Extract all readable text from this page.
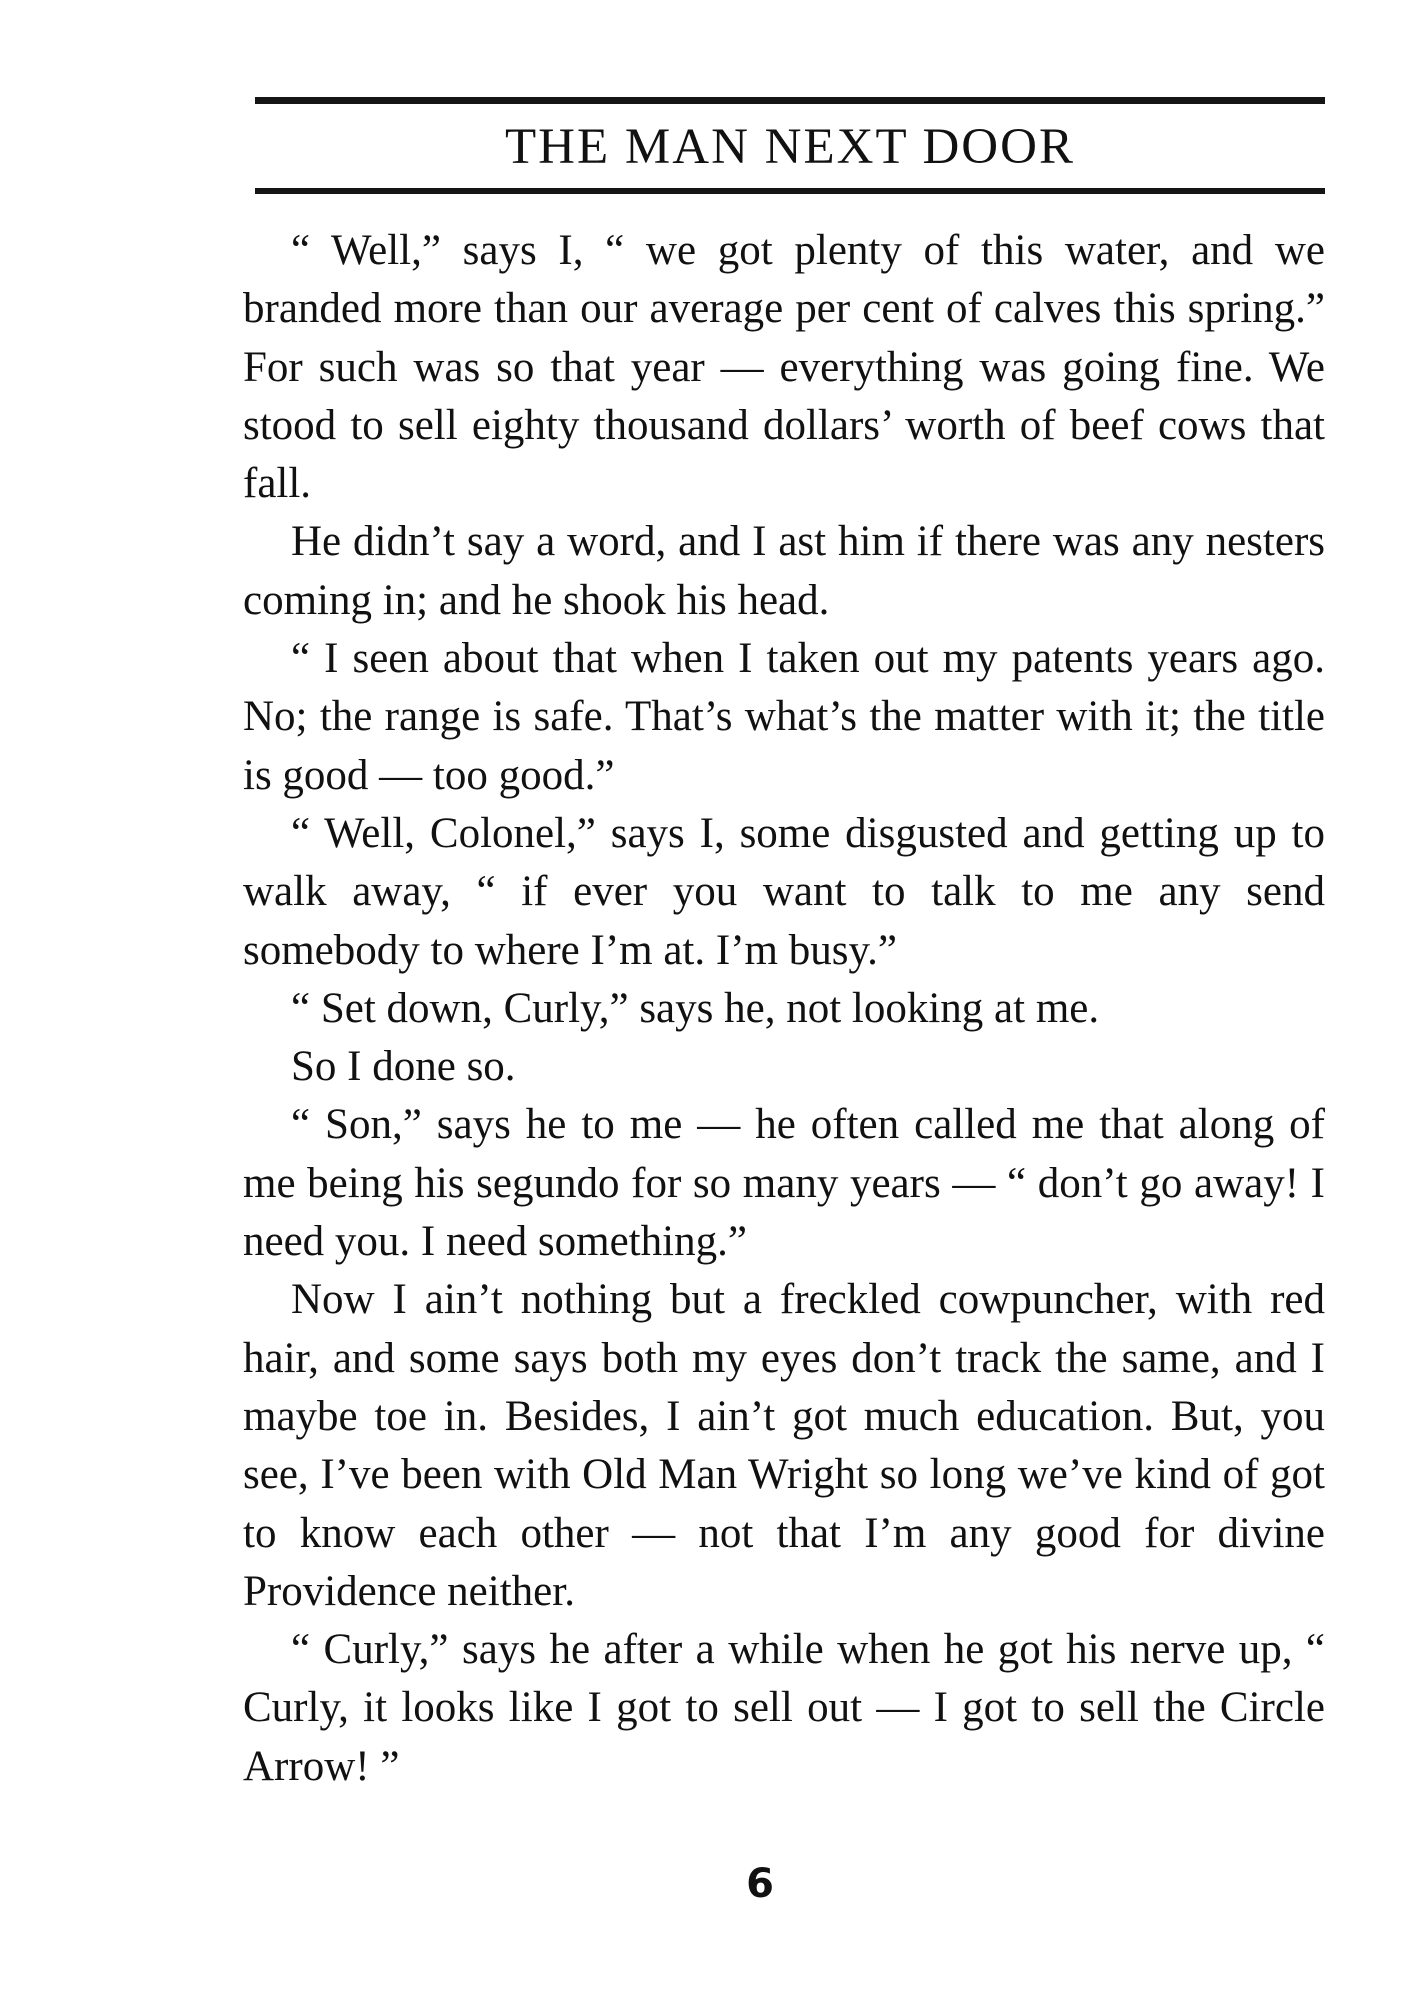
THE MAN NEXT DOOR

“ Well,” says I, “ we got plenty of this water, and we branded more than our average per cent of calves this spring.” For such was so that year — everything was going fine. We stood to sell eighty thousand dollars’ worth of beef cows that fall.

He didn’t say a word, and I ast him if there was any nesters coming in; and he shook his head.

“ I seen about that when I taken out my patents years ago. No; the range is safe. That’s what’s the matter with it; the title is good — too good.”

“ Well, Colonel,” says I, some disgusted and getting up to walk away, “ if ever you want to talk to me any send somebody to where I’m at. I’m busy.”

“ Set down, Curly,” says he, not looking at me.

So I done so.

“ Son,” says he to me — he often called me that along of me being his segundo for so many years — “ don’t go away! I need you. I need something.”

Now I ain’t nothing but a freckled cowpuncher, with red hair, and some says both my eyes don’t track the same, and I maybe toe in. Besides, I ain’t got much education. But, you see, I’ve been with Old Man Wright so long we’ve kind of got to know each other — not that I’m any good for divine Providence neither.

“ Curly,” says he after a while when he got his nerve up, “ Curly, it looks like I got to sell out — I got to sell the Circle Arrow! ”

6
